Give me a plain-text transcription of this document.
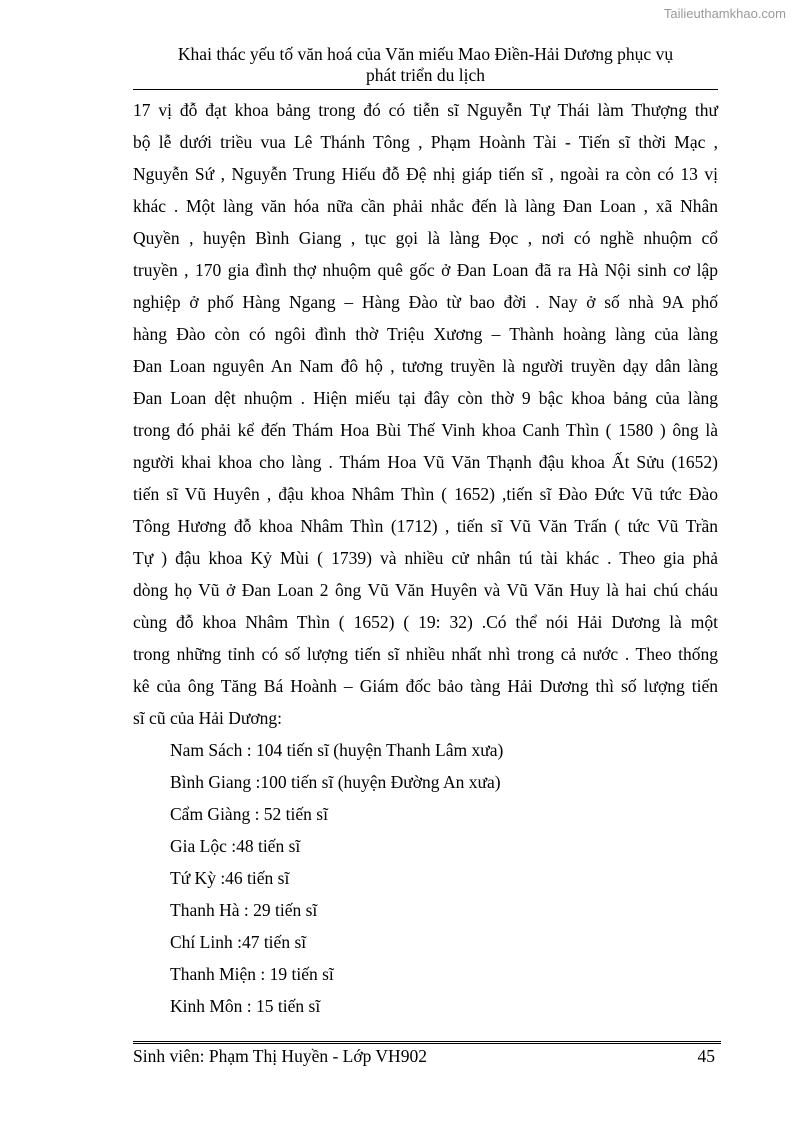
Tailieuthamkhao.com
Khai thác yếu tố văn hoá của Văn miếu Mao Điền-Hải Dương phục vụ
phát triển du lịch
17 vị đỗ đạt khoa bảng trong đó có tiễn sĩ Nguyễn Tự Thái làm Thượng thư
bộ lễ dưới triều vua Lê Thánh Tông , Phạm Hoành Tài - Tiến sĩ thời Mạc ,
Nguyễn Sứ , Nguyễn Trung Hiếu đỗ Đệ nhị giáp tiến sĩ , ngoài ra còn có 13 vị
khác . Một làng văn hóa nữa cần phải nhắc đến là làng Đan Loan , xã Nhân
Quyền , huyện Bình Giang , tục gọi là làng Đọc , nơi có nghề nhuộm cổ
truyền , 170 gia đình thợ nhuộm quê gốc ở Đan Loan đã ra Hà Nội sinh cơ lập
nghiệp ở phố Hàng Ngang – Hàng Đào từ bao đời . Nay ở số nhà 9A phố
hàng Đào còn có ngôi đình thờ Triệu Xương – Thành hoàng làng của làng
Đan Loan nguyên An Nam đô hộ , tương truyền là người truyền dạy dân làng
Đan Loan dệt nhuộm . Hiện miếu tại đây còn thờ 9 bậc khoa bảng của làng
trong đó phải kể đến Thám Hoa Bùi Thế Vinh khoa Canh Thìn ( 1580 ) ông là
người khai khoa cho làng . Thám Hoa Vũ Văn Thạnh đậu khoa Ất Sửu (1652)
tiến sĩ Vũ Huyên , đậu khoa Nhâm Thìn ( 1652) ,tiến sĩ Đào Đức Vũ tức Đào
Tông Hương đỗ khoa Nhâm Thìn (1712) , tiến sĩ Vũ Văn Trấn ( tức Vũ Trần
Tự ) đậu khoa Kỷ Mùi ( 1739) và nhiều cử nhân tú tài khác . Theo gia phả
dòng họ Vũ ở Đan Loan 2 ông Vũ Văn Huyên và Vũ Văn Huy là hai chú cháu
cùng đỗ khoa Nhâm Thìn ( 1652) ( 19: 32) .Có thể nói Hải Dương là một
trong những tỉnh có số lượng tiến sĩ nhiều nhất nhì trong cả nước . Theo thống
kê của ông Tăng Bá Hoành – Giám đốc bảo tàng Hải Dương thì số lượng tiến
sĩ cũ của Hải Dương:
Nam Sách : 104 tiến sĩ (huyện Thanh Lâm xưa)
Bình Giang :100 tiến sĩ (huyện Đường An xưa)
Cẩm Giàng : 52 tiến sĩ
Gia Lộc :48 tiến sĩ
Tứ Kỳ :46 tiến sĩ
Thanh Hà : 29 tiến sĩ
Chí Linh :47 tiến sĩ
Thanh Miện : 19 tiến sĩ
Kinh Môn : 15 tiến sĩ
Sinh viên: Phạm Thị Huyền - Lớp VH902	45
